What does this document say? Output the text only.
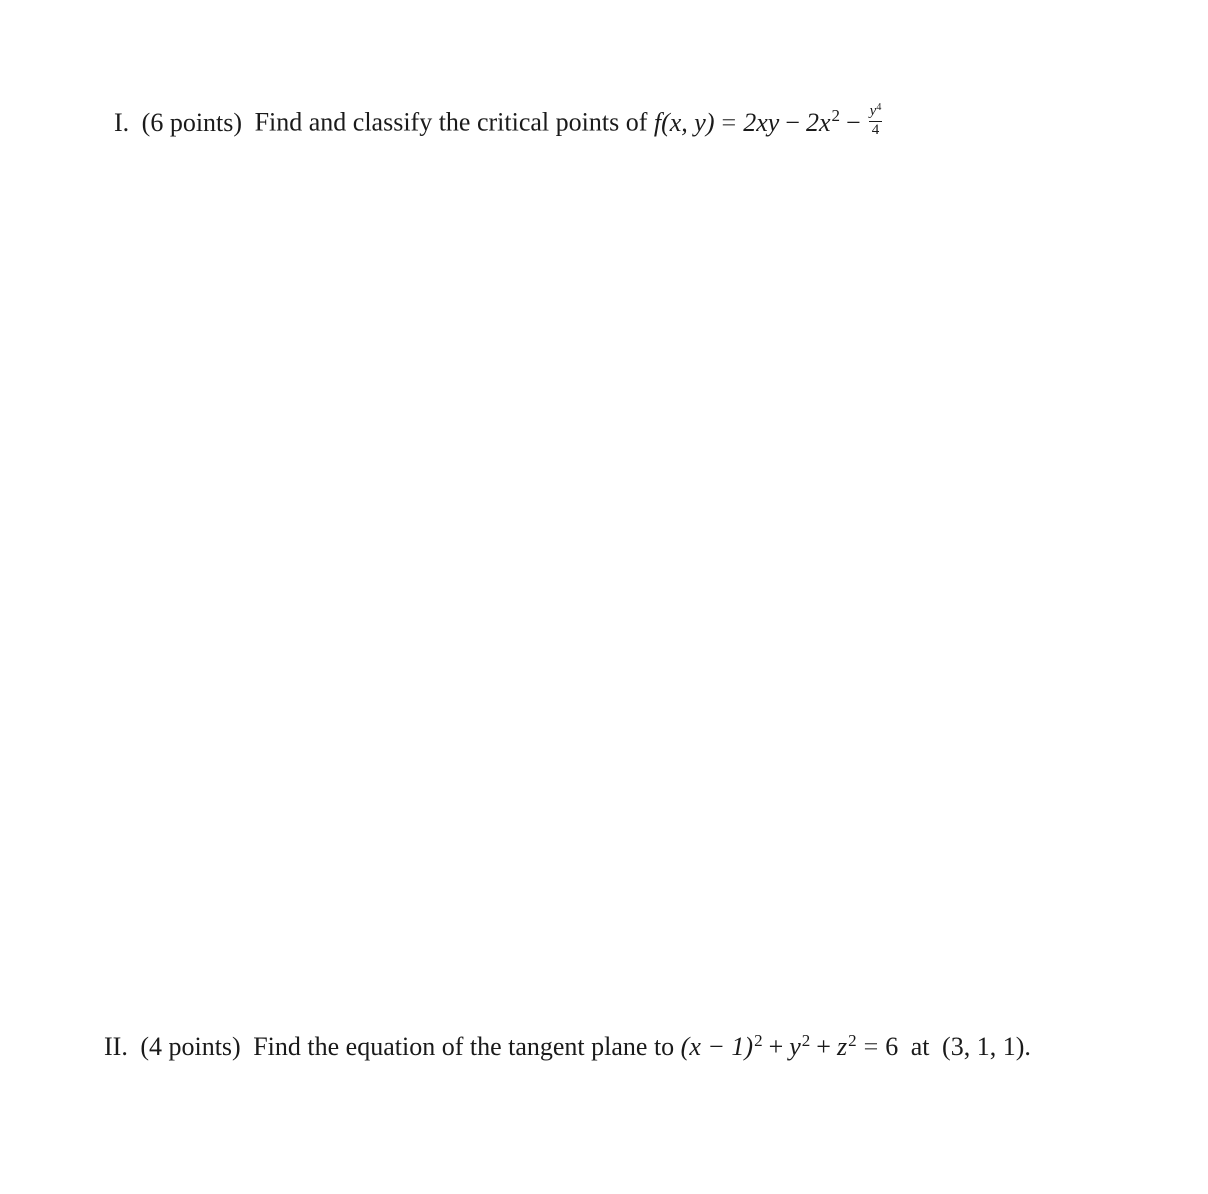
I. (6 points) Find and classify the critical points of f(x, $y) = 2xy - 2x^2 - \frac{y^4}{4}$
II. (4 points) Find the equation of the tangent plane to $(x - 1)^2 + y^2 + z^2 = 6$ at (3, 1, 1).
